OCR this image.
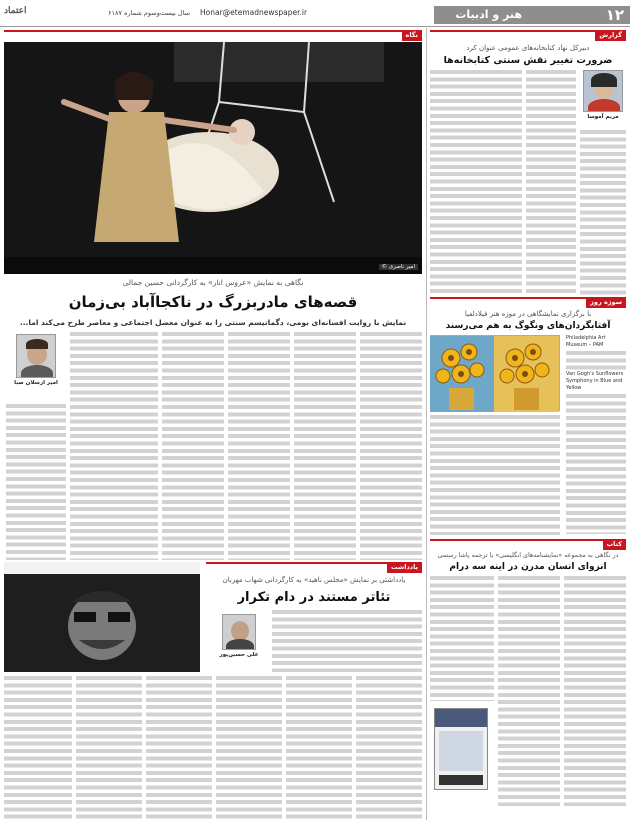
۱۲
هنر و ادبیات
Honar@etemadnewspaper.ir
سال بیست‌وسوم شماره ۶۱۸۷
اعتماد
گزارش
دبیرکل نهاد کتابخانه‌های عمومی عنوان کرد
ضرورت تغییر نقش سنتی کتابخانه‌ها
مریم آموسا
سوژه روز
با برگزاری نمایشگاهی در موزه هنر فیلادلفیا
آفتابگردان‌های ونگوگ به هم می‌رسند
Philadelphia Art Museum – PAM
Van Gogh's Sunflowers
Symphony in Blue and Yellow
کتاب
در نگاهی به مجموعه «نمایشنامه‌های انگلیسی» با ترجمه پاشا رستمی
انزوای انسان مدرن در اینه سه درام
نگاه
امیر ناصری ©
نگاهی به نمایش «عروس انار» به کارگردانی حسین جمالی
قصه‌های مادربزرگ در ناکجاآباد بی‌زمان
نمایش با روایت افسانه‌ای بومی، دگماتیسم سنتی را به عنوان معضل اجتماعی و معاصر طرح می‌کند اما...
امیر ارسلان صبا
یادداشت
یادداشتی بر نمایش «مجلس ناهید» به کارگردانی شهاب مهربان
تئاتر مستند در دام تکرار
علی حسین‌پور
